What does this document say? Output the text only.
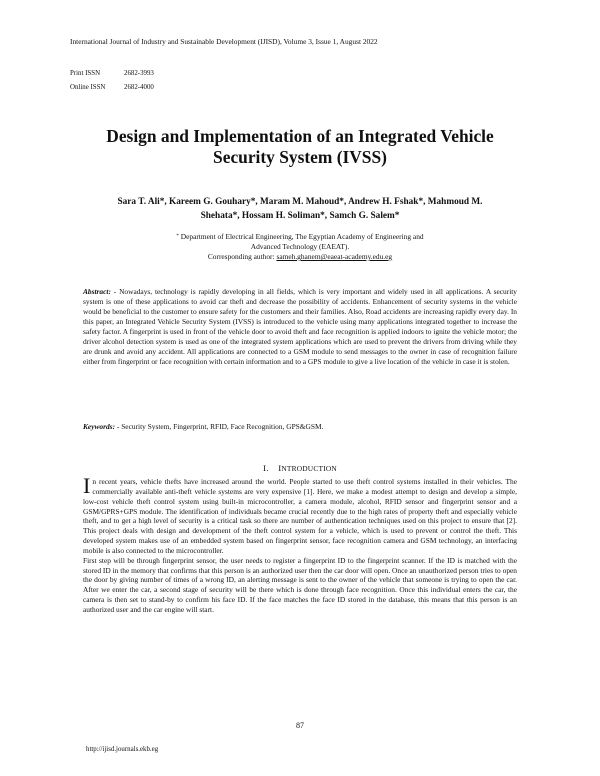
International Journal of Industry and Sustainable Development (IJISD), Volume 3, Issue 1, August 2022
Print ISSN	2682-3993
Online ISSN	2682-4000
Design and Implementation of an Integrated Vehicle
Security System (IVSS)
Sara T. Ali*, Kareem G. Gouhary*, Maram M. Mahoud*, Andrew H. Fshak*, Mahmoud M.
Shehata*, Hossam H. Soliman*, Samch G. Salem*
* Department of Electrical Engineering, The Egyptian Academy of Engineering and
Advanced Technology (EAEAT).
Corresponding author: sameh.ghanem@eaeat-academy.edu.eg
Abstract: - Nowadays, technology is rapidly developing in all fields, which is very important and widely used in all applications. A security system is one of these applications to avoid car theft and decrease the possibility of accidents. Enhancement of security systems in the vehicle would be beneficial to the customer to ensure safety for the customers and their families. Also, Road accidents are increasing rapidly every day. In this paper, an Integrated Vehicle Security System (IVSS) is introduced to the vehicle using many applications integrated together to increase the safety factor. A fingerprint is used in front of the vehicle door to avoid theft and face recognition is applied indoors to ignite the vehicle motor; the driver alcohol detection system is used as one of the integrated system applications which are used to prevent the drivers from driving while they are drunk and avoid any accident. All applications are connected to a GSM module to send messages to the owner in case of recognition failure either from fingerprint or face recognition with certain information and to a GPS module to give a live location of the vehicle in case it is stolen.
Keywords: - Security System, Fingerprint, RFID, Face Recognition, GPS&GSM.
I. INTRODUCTION

In recent years, vehicle thefts have increased around the world. People started to use theft control systems installed in their vehicles. The commercially available anti-theft vehicle systems are very expensive [1]. Here, we make a modest attempt to design and develop a simple, low-cost vehicle theft control system using built-in microcontroller, a camera module, alcohol, RFID sensor and fingerprint sensor and a GSM/GPRS+GPS module. The identification of individuals became crucial recently due to the high rates of property theft and especially vehicle theft, and to get a high level of security is a critical task so there are number of authentication techniques used on this project to ensure that [2]. This project deals with design and development of the theft control system for a vehicle, which is used to prevent or control the theft. This developed system makes use of an embedded system based on fingerprint sensor, face recognition camera and GSM technology, an interfacing mobile is also connected to the microcontroller.

First step will be through fingerprint sensor, the user needs to register a fingerprint ID to the fingerprint scanner. If the ID is matched with the stored ID in the memory that confirms that this person is an authorized user then the car door will open. Once an unauthorized person tries to open the door by giving number of times of a wrong ID, an alerting message is sent to the owner of the vehicle that someone is trying to open the car. After we enter the car, a second stage of security will be there which is done through face recognition. Once this individual enters the car, the camera is then set to stand-by to confirm his face ID. If the face matches the face ID stored in the database, this means that this person is an authorized user and the car engine will start.

87
http://ijisd.journals.ekb.eg
